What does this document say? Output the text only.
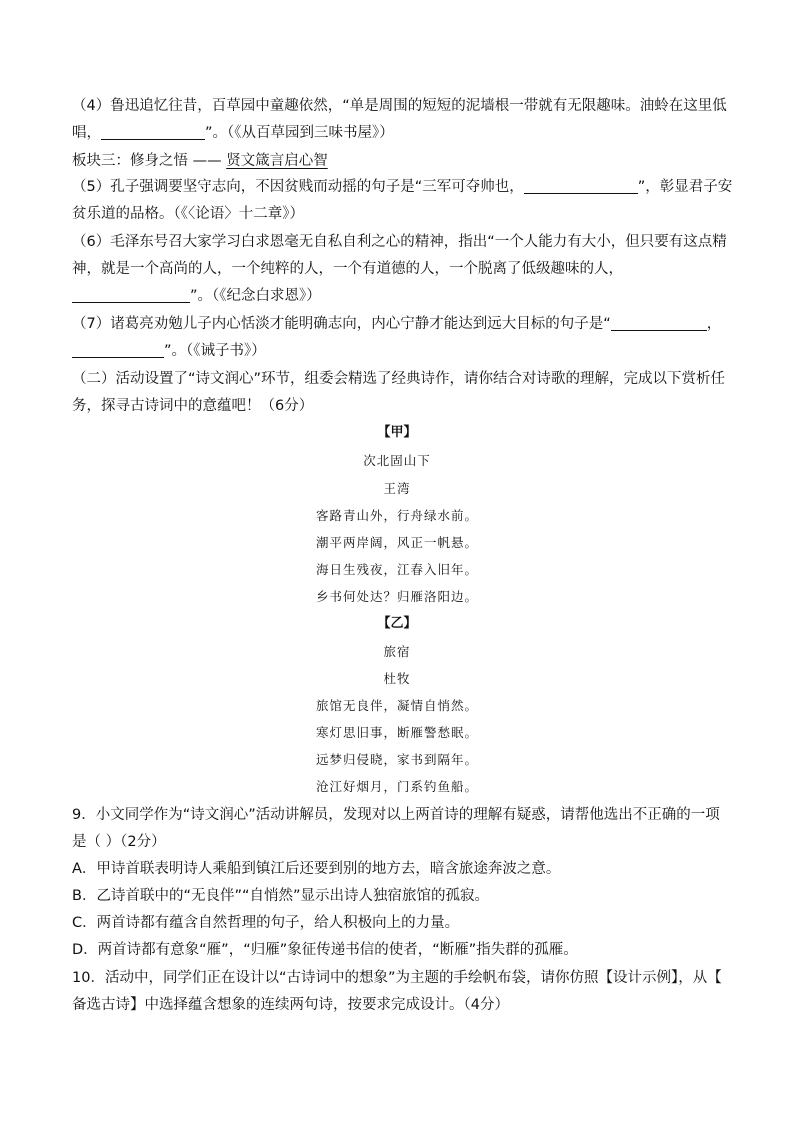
（4）鲁迅追忆往昔，百草园中童趣依然，“单是周围的短短的泥墙根一带就有无限趣味。油蛉在这里低
唱，	”。（《从百草园到三味书屋》）
板块三：修身之悟 —— 贤文箴言启心智
（5）孔子强调要坚守志向，不因贫贱而动摇的句子是“三军可夺帅也，	”，彰显君子安
贫乐道的品格。（《〈论语〉十二章》）
（6）毛泽东号召大家学习白求恩毫无自私自利之心的精神，指出“一个人能力有大小，但只要有这点精
神，就是一个高尚的人，一个纯粹的人，一个有道德的人，一个脱离了低级趣味的人，
”。（《纪念白求恩》）
（7）诸葛亮劝勉儿子内心恬淡才能明确志向，内心宁静才能达到远大目标的句子是“	，
”。（《诫子书》）
（二）活动设置了“诗文润心”环节，组委会精选了经典诗作，请你结合对诗歌的理解，完成以下赏析任
务，探寻古诗词中的意蕴吧！（6分）
【甲】
次北固山下
王湾
客路青山外，行舟绿水前。
潮平两岸阔，风正一帆悬。
海日生残夜，江春入旧年。
乡书何处达？归雁洛阳边。
【乙】
旅宿
杜牧
旅馆无良伴，凝情自悄然。
寒灯思旧事，断雁警愁眠。
远梦归侵晓，家书到隔年。
沧江好烟月，门系钓鱼船。
9．小文同学作为“诗文润心”活动讲解员，发现对以上两首诗的理解有疑惑，请帮他选出不正确的一项
是（ ）（2分）
A．甲诗首联表明诗人乘船到镇江后还要到别的地方去，暗含旅途奔波之意。
B．乙诗首联中的“无良伴”“自悄然”显示出诗人独宿旅馆的孤寂。
C．两首诗都有蕴含自然哲理的句子，给人积极向上的力量。
D．两首诗都有意象“雁”，“归雁”象征传递书信的使者，“断雁”指失群的孤雁。
10．活动中，同学们正在设计以“古诗词中的想象”为主题的手绘帆布袋，请你仿照【设计示例】，从【
备选古诗】中选择蕴含想象的连续两句诗，按要求完成设计。（4分）
